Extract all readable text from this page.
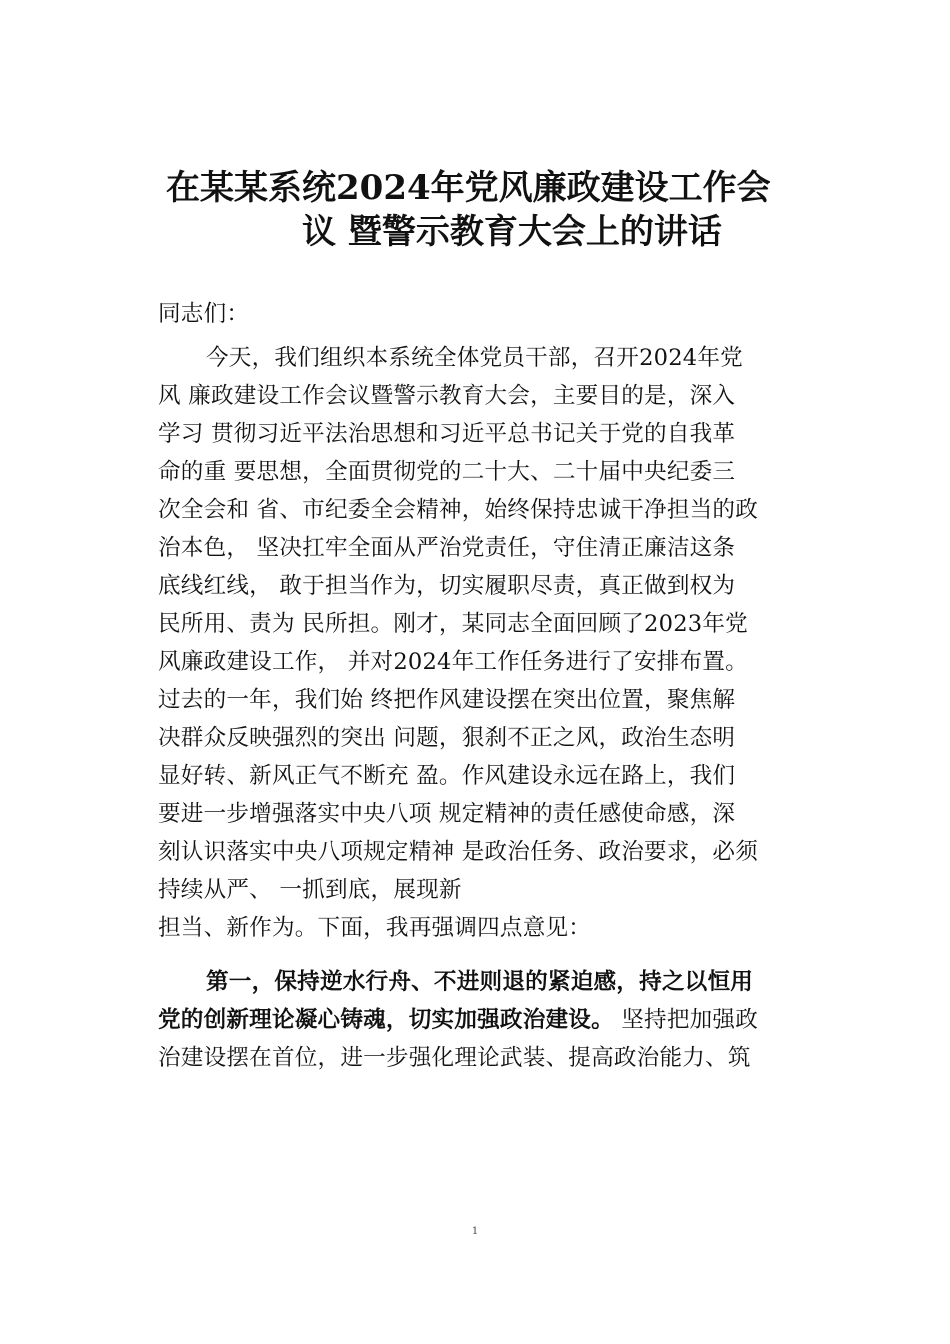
在某某系统2024年党风廉政建设工作会
议 暨警示教育大会上的讲话

同志们：

今天，我们组织本系统全体党员干部，召开2024年党

风 廉政建设工作会议暨警示教育大会，主要目的是，深入

学习 贯彻习近平法治思想和习近平总书记关于党的自我革

命的重 要思想，全面贯彻党的二十大、二十届中央纪委三

次全会和 省、市纪委全会精神，始终保持忠诚干净担当的政

治本色， 坚决扛牢全面从严治党责任，守住清正廉洁这条

底线红线， 敢于担当作为，切实履职尽责，真正做到权为

民所用、责为 民所担。刚才，某同志全面回顾了2023年党

风廉政建设工作， 并对2024年工作任务进行了安排布置。

过去的一年，我们始 终把作风建设摆在突出位置，聚焦解

决群众反映强烈的突出 问题，狠刹不正之风，政治生态明

显好转、新风正气不断充 盈。作风建设永远在路上，我们

要进一步增强落实中央八项 规定精神的责任感使命感，深

刻认识落实中央八项规定精神 是政治任务、政治要求，必须

持续从严、 一抓到底，展现新

担当、新作为。下面，我再强调四点意见：

第一，保持逆水行舟、不进则退的紧迫感，持之以恒用

党的创新理论凝心铸魂，切实加强政治建设。 坚持把加强政

治建设摆在首位，进一步强化理论武装、提高政治能力、筑

1
